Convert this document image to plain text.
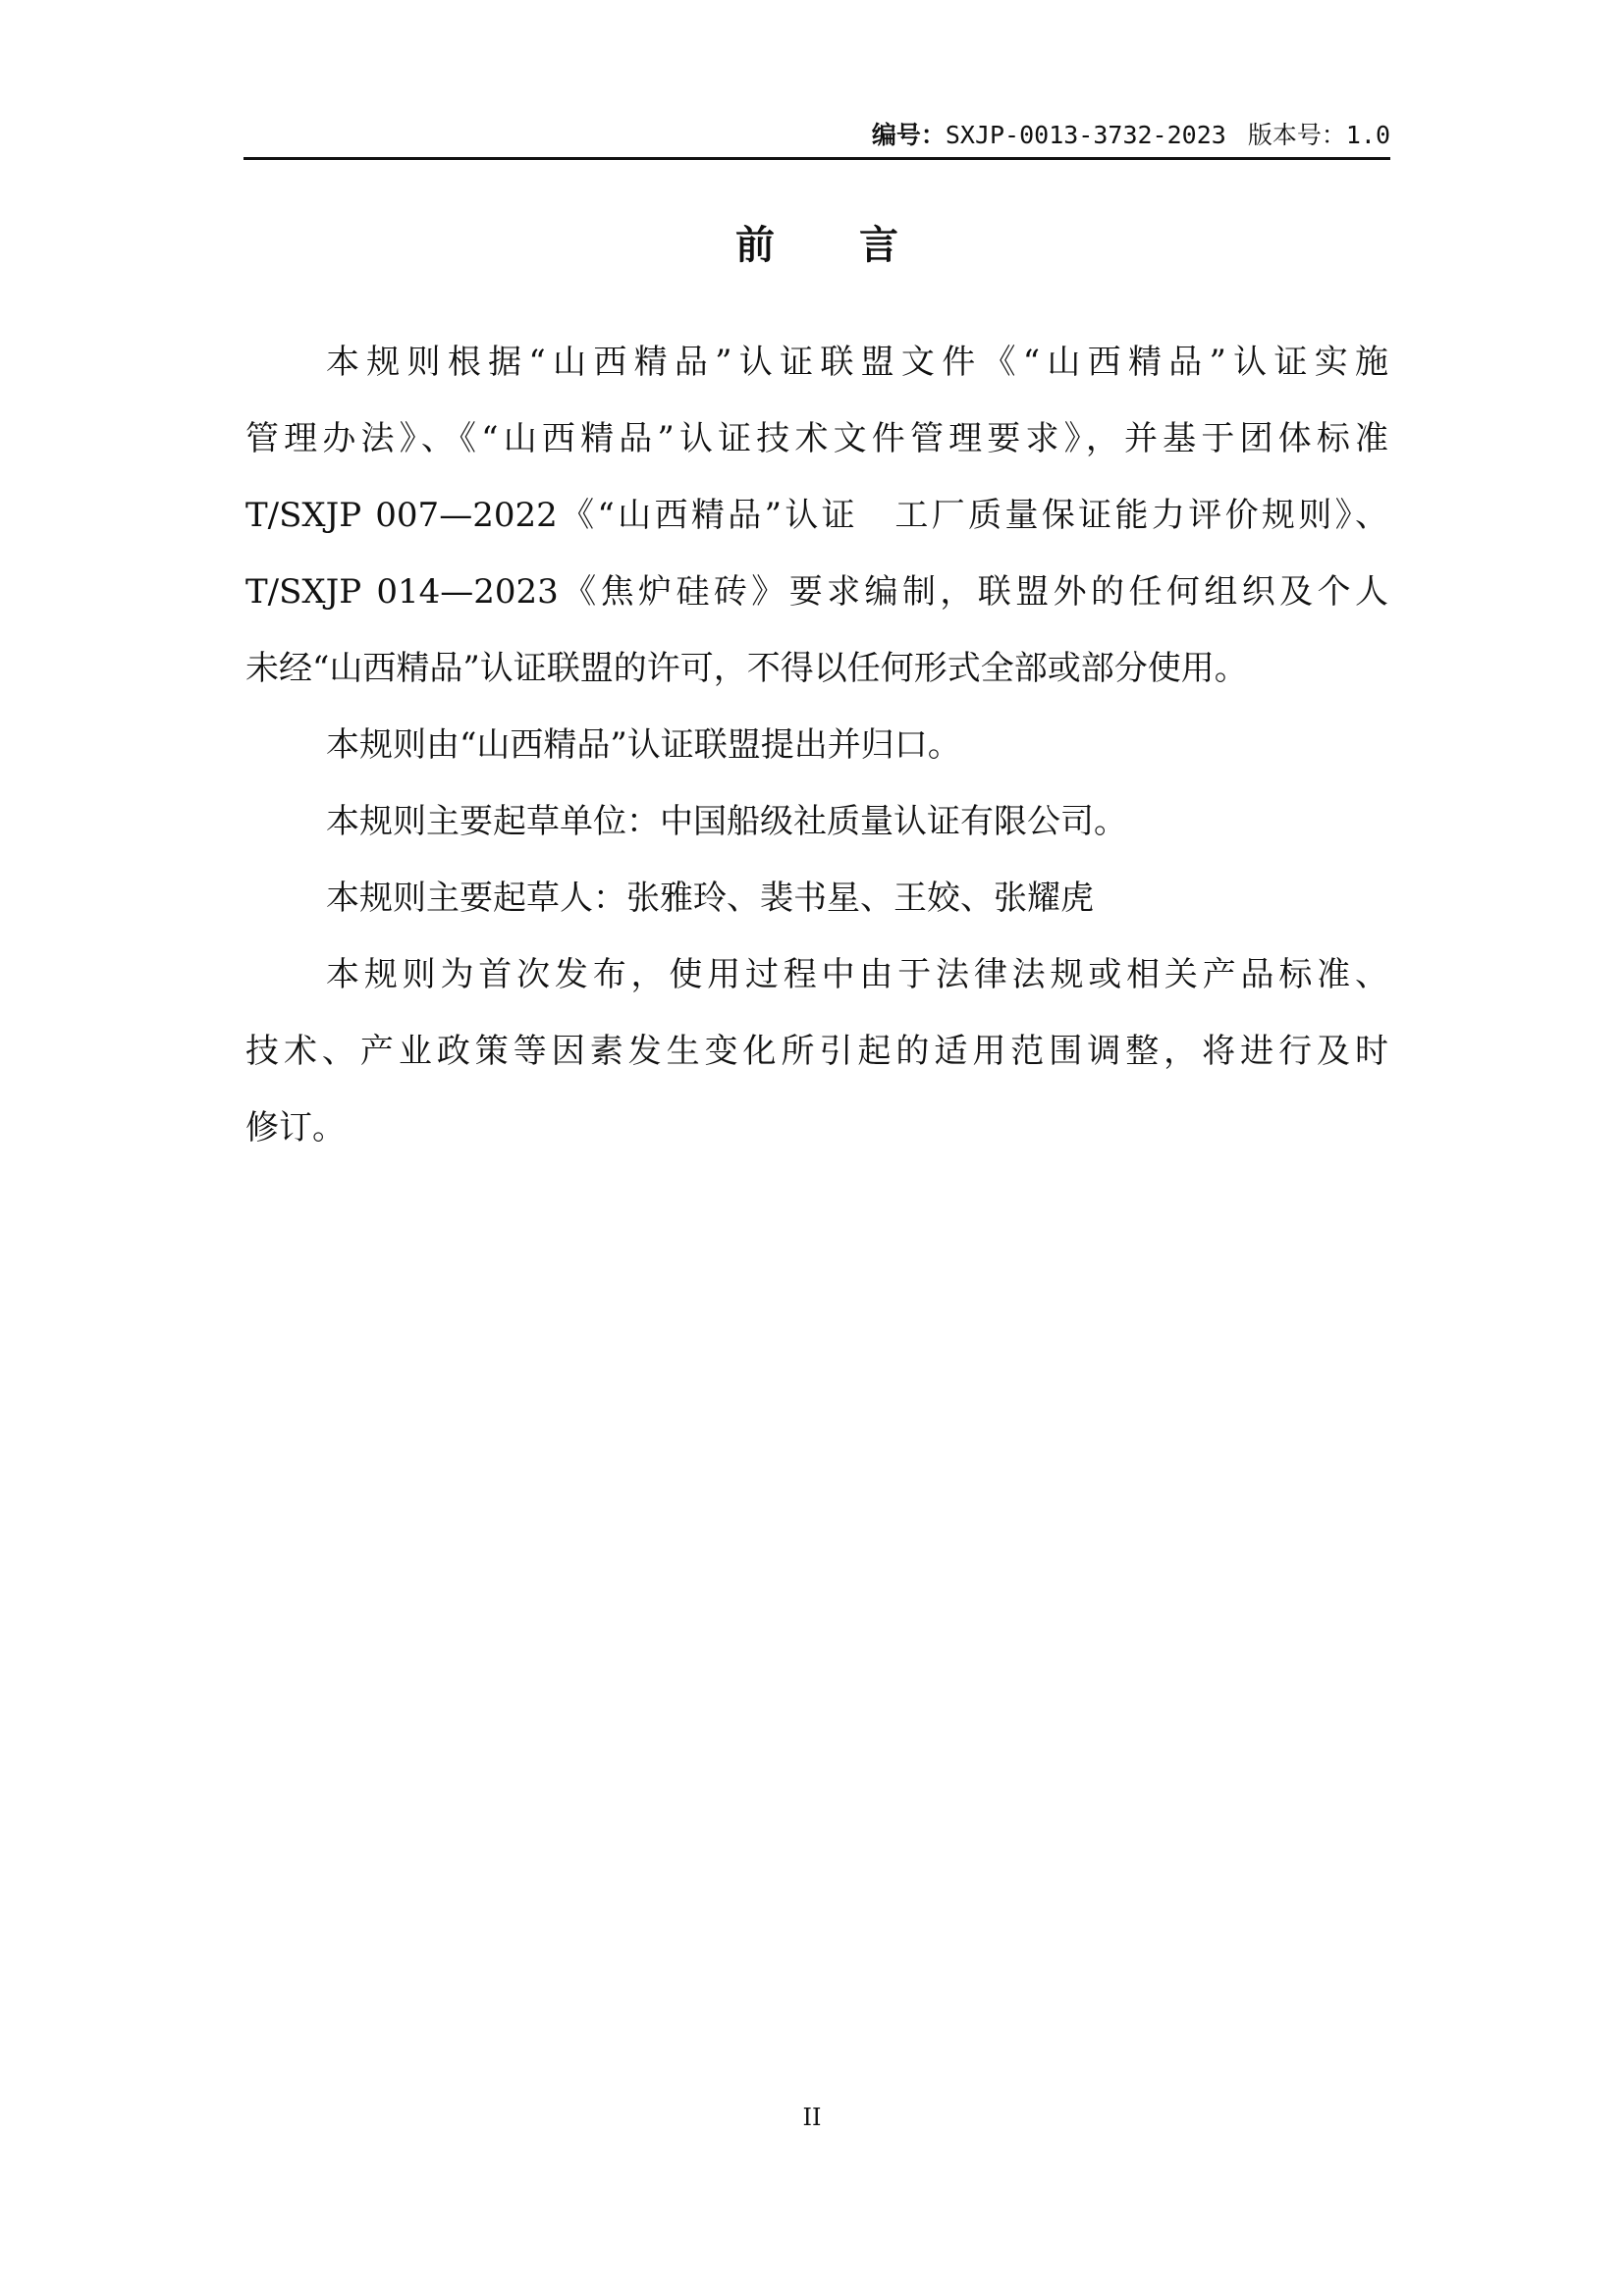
编号：SXJP-0013-3732-2023 版本号：1.0
前 言
本规则根据“山西精品”认证联盟文件《“山西精品”认证实施
管理办法》、《“山西精品”认证技术文件管理要求》，并基于团体标准
T/SXJP 007—2022《“山西精品”认证　工厂质量保证能力评价规则》、
T/SXJP 014—2023《焦炉硅砖》要求编制，联盟外的任何组织及个人
未经“山西精品”认证联盟的许可，不得以任何形式全部或部分使用。
本规则由“山西精品”认证联盟提出并归口。
本规则主要起草单位：中国船级社质量认证有限公司。
本规则主要起草人：张雅玲、裴书星、王姣、张耀虎
本规则为首次发布，使用过程中由于法律法规或相关产品标准、
技术、产业政策等因素发生变化所引起的适用范围调整，将进行及时
修订。
II
